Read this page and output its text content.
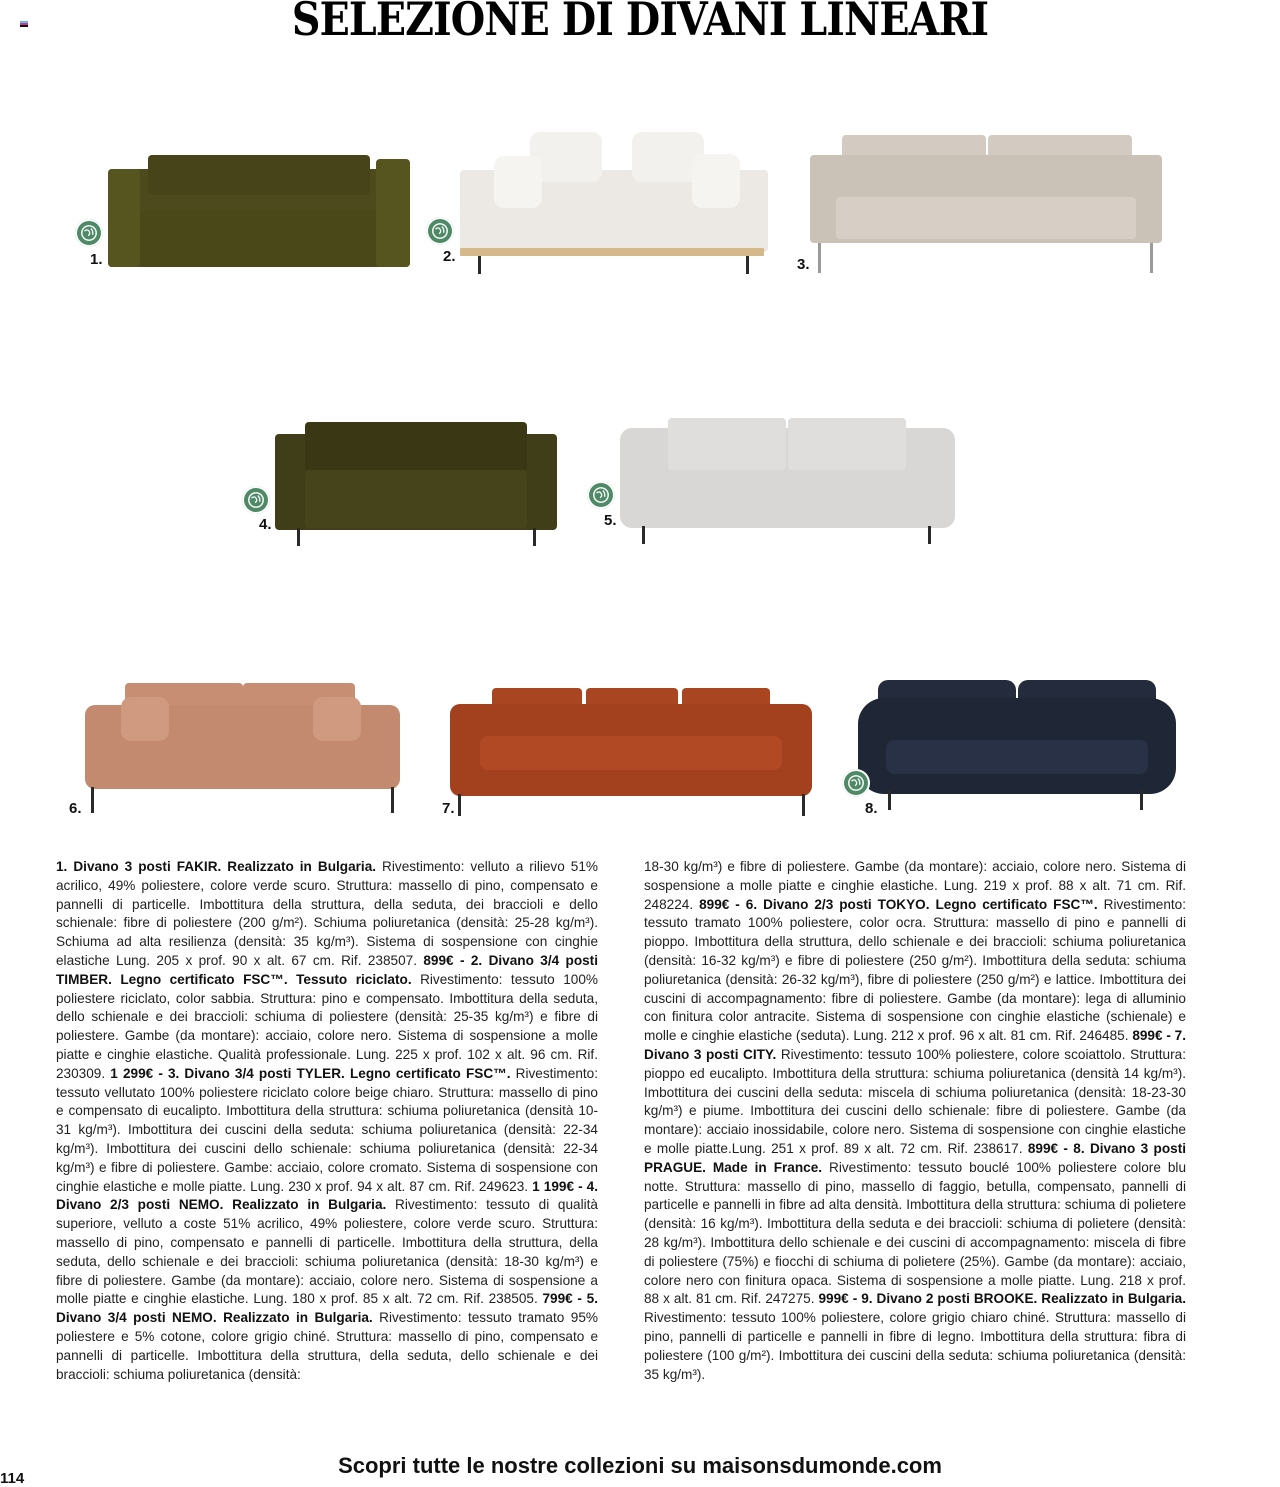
SELEZIONE DI DIVANI LINEARI
1.	2.	3.
4.	5.
6.	7.	8.
1. Divano 3 posti FAKIR. Realizzato in Bulgaria. Rivestimento: velluto a rilievo 51% acrilico, 49% poliestere, colore verde scuro. Struttura: massello di pino, compensato e pannelli di particelle. Imbottitura della struttura, della seduta, dei braccioli e dello schienale: fibre di poliestere (200 g/m²). Schiuma poliuretanica (densità: 25-28 kg/m³). Schiuma ad alta resilienza (densità: 35 kg/m³). Sistema di sospensione con cinghie elastiche Lung. 205 x prof. 90 x alt. 67 cm. Rif. 238507. 899€ - 2. Divano 3/4 posti TIMBER. Legno certificato FSC™. Tessuto riciclato. Rivestimento: tessuto 100% poliestere riciclato, color sabbia. Struttura: pino e compensato. Imbottitura della seduta, dello schienale e dei braccioli: schiuma di poliestere (densità: 25-35 kg/m³) e fibre di poliestere. Gambe (da montare): acciaio, colore nero. Sistema di sospensione a molle piatte e cinghie elastiche. Qualità professionale. Lung. 225 x prof. 102 x alt. 96 cm. Rif. 230309. 1 299€ - 3. Divano 3/4 posti TYLER. Legno certificato FSC™. Rivestimento: tessuto vellutato 100% poliestere riciclato colore beige chiaro. Struttura: massello di pino e compensato di eucalipto. Imbottitura della struttura: schiuma poliuretanica (densità 10-31 kg/m³). Imbottitura dei cuscini della seduta: schiuma poliuretanica (densità: 22-34 kg/m³). Imbottitura dei cuscini dello schienale: schiuma poliuretanica (densità: 22-34 kg/m³) e fibre di poliestere. Gambe: acciaio, colore cromato. Sistema di sospensione con cinghie elastiche e molle piatte. Lung. 230 x prof. 94 x alt. 87 cm. Rif. 249623. 1 199€ - 4. Divano 2/3 posti NEMO. Realizzato in Bulgaria. Rivestimento: tessuto di qualità superiore, velluto a coste 51% acrilico, 49% poliestere, colore verde scuro. Struttura: massello di pino, compensato e pannelli di particelle. Imbottitura della struttura, della seduta, dello schienale e dei braccioli: schiuma poliuretanica (densità: 18-30 kg/m³) e fibre di poliestere. Gambe (da montare): acciaio, colore nero. Sistema di sospensione a molle piatte e cinghie elastiche. Lung. 180 x prof. 85 x alt. 72 cm. Rif. 238505. 799€ - 5. Divano 3/4 posti NEMO. Realizzato in Bulgaria. Rivestimento: tessuto tramato 95% poliestere e 5% cotone, colore grigio chiné. Struttura: massello di pino, compensato e pannelli di particelle. Imbottitura della struttura, della seduta, dello schienale e dei braccioli: schiuma poliuretanica (densità:
18-30 kg/m³) e fibre di poliestere. Gambe (da montare): acciaio, colore nero. Sistema di sospensione a molle piatte e cinghie elastiche. Lung. 219 x prof. 88 x alt. 71 cm. Rif. 248224. 899€ - 6. Divano 2/3 posti TOKYO. Legno certificato FSC™. Rivestimento: tessuto tramato 100% poliestere, color ocra. Struttura: massello di pino e pannelli di pioppo. Imbottitura della struttura, dello schienale e dei braccioli: schiuma poliuretanica (densità: 16-32 kg/m³) e fibre di poliestere (250 g/m²). Imbottitura della seduta: schiuma poliuretanica (densità: 26-32 kg/m³), fibre di poliestere (250 g/m²) e lattice. Imbottitura dei cuscini di accompagnamento: fibre di poliestere. Gambe (da montare): lega di alluminio con finitura color antracite. Sistema di sospensione con cinghie elastiche (schienale) e molle e cinghie elastiche (seduta). Lung. 212 x prof. 96 x alt. 81 cm. Rif. 246485. 899€ - 7. Divano 3 posti CITY. Rivestimento: tessuto 100% poliestere, colore scoiattolo. Struttura: pioppo ed eucalipto. Imbottitura della struttura: schiuma poliuretanica (densità 14 kg/m³). Imbottitura dei cuscini della seduta: miscela di schiuma poliuretanica (densità: 18-23-30 kg/m³) e piume. Imbottitura dei cuscini dello schienale: fibre di poliestere. Gambe (da montare): acciaio inossidabile, colore nero. Sistema di sospensione con cinghie elastiche e molle piatte.Lung. 251 x prof. 89 x alt. 72 cm. Rif. 238617. 899€ - 8. Divano 3 posti PRAGUE. Made in France. Rivestimento: tessuto bouclé 100% poliestere colore blu notte. Struttura: massello di pino, massello di faggio, betulla, compensato, pannelli di particelle e pannelli in fibre ad alta densità. Imbottitura della struttura: schiuma di polietere (densità: 16 kg/m³). Imbottitura della seduta e dei braccioli: schiuma di polietere (densità: 28 kg/m³). Imbottitura dello schienale e dei cuscini di accompagnamento: miscela di fibre di poliestere (75%) e fiocchi di schiuma di polietere (25%). Gambe (da montare): acciaio, colore nero con finitura opaca. Sistema di sospensione a molle piatte. Lung. 218 x prof. 88 x alt. 81 cm. Rif. 247275. 999€ - 9. Divano 2 posti BROOKE. Realizzato in Bulgaria. Rivestimento: tessuto 100% poliestere, colore grigio chiaro chiné. Struttura: massello di pino, pannelli di particelle e pannelli in fibre di legno. Imbottitura della struttura: fibra di poliestere (100 g/m²). Imbottitura dei cuscini della seduta: schiuma poliuretanica (densità: 35 kg/m³).
Scopri tutte le nostre collezioni su maisonsdumonde.com
114
